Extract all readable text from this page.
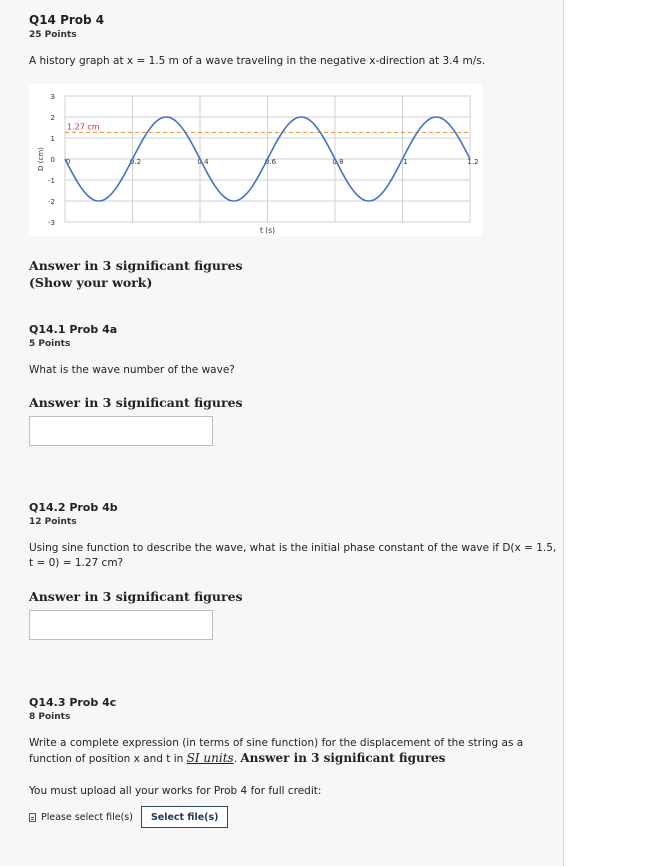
Q14 Prob 4
25 Points
A history graph at x = 1.5 m of a wave traveling in the negative x-direction at 3.4 m/s.
3
2
1
0
-1
-2
-3
0	0.2	0.4	0.6	0.8	1	1.2
D (cm)
t (s)
1.27 cm
Answer in 3 significant figures
(Show your work)
Q14.1 Prob 4a
5 Points
What is the wave number of the wave?
Answer in 3 significant figures
Q14.2 Prob 4b
12 Points
Using sine function to describe the wave, what is the initial phase constant of the wave if D(x = 1.5,
t = 0) = 1.27 cm?
Answer in 3 significant figures
Q14.3 Prob 4c
8 Points
Write a complete expression (in terms of sine function) for the displacement of the string as a
function of position x and t in SI units. Answer in 3 significant figures
You must upload all your works for Prob 4 for full credit:
Please select file(s)	Select file(s)
